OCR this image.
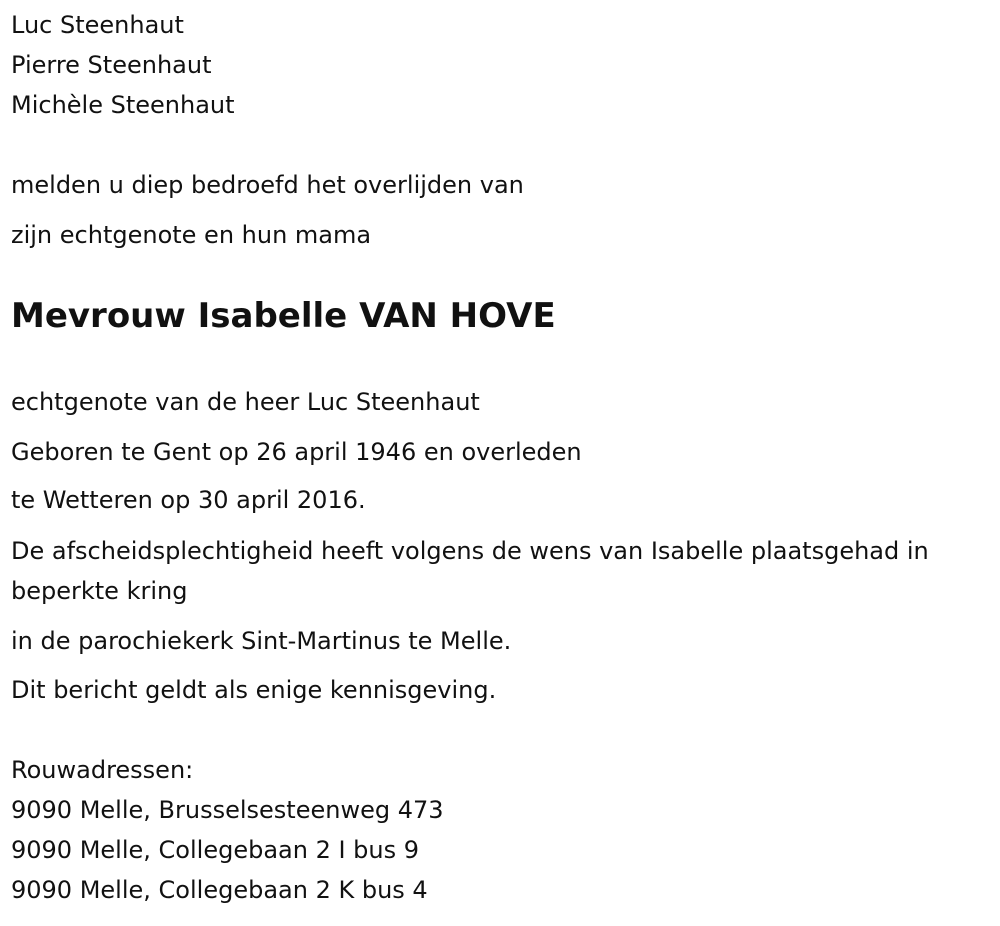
Luc Steenhaut
Pierre Steenhaut
Michèle Steenhaut
melden u diep bedroefd het overlijden van
zijn echtgenote en hun mama
Mevrouw Isabelle VAN HOVE
echtgenote van de heer Luc Steenhaut
Geboren te Gent op 26 april 1946 en overleden
te Wetteren op 30 april 2016.
De afscheidsplechtigheid heeft volgens de wens van Isabelle plaatsgehad in beperkte kring
in de parochiekerk Sint-Martinus te Melle.
Dit bericht geldt als enige kennisgeving.
Rouwadressen:
9090 Melle, Brusselsesteenweg 473
9090 Melle, Collegebaan 2 I bus 9
9090 Melle, Collegebaan 2 K bus 4
